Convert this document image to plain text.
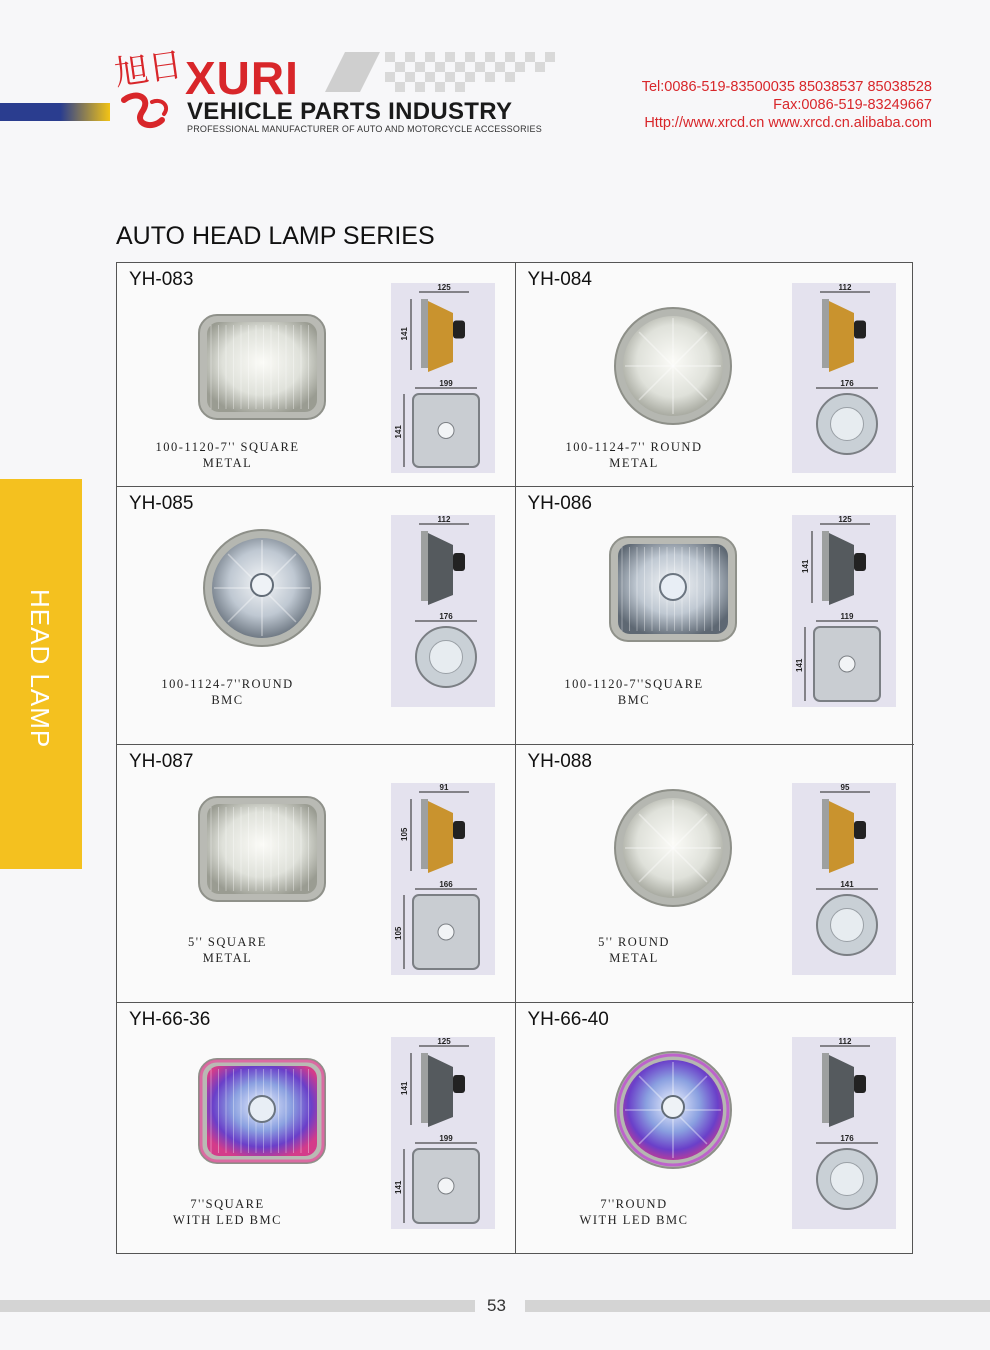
旭日 XURI
VEHICLE PARTS INDUSTRY
PROFESSIONAL MANUFACTURER OF AUTO AND MOTORCYCLE ACCESSORIES
Tel:0086-519-83500035 85038537 85038528
Fax:0086-519-83249667
Http://www.xrcd.cn www.xrcd.cn.alibaba.com
HEAD LAMP
AUTO HEAD LAMP SERIES
YH-083
100-1120-7'' SQUARE
METAL
125
141
199
141
YH-084
100-1124-7'' ROUND
METAL
112
176
YH-085
100-1124-7''ROUND
BMC
112
176
YH-086
100-1120-7''SQUARE
BMC
125
141
119
141
YH-087
5'' SQUARE
METAL
91
105
166
105
YH-088
5'' ROUND
METAL
95
141
YH-66-36
7''SQUARE
WITH LED BMC
125
141
199
141
YH-66-40
7''ROUND
WITH LED BMC
112
176
53
